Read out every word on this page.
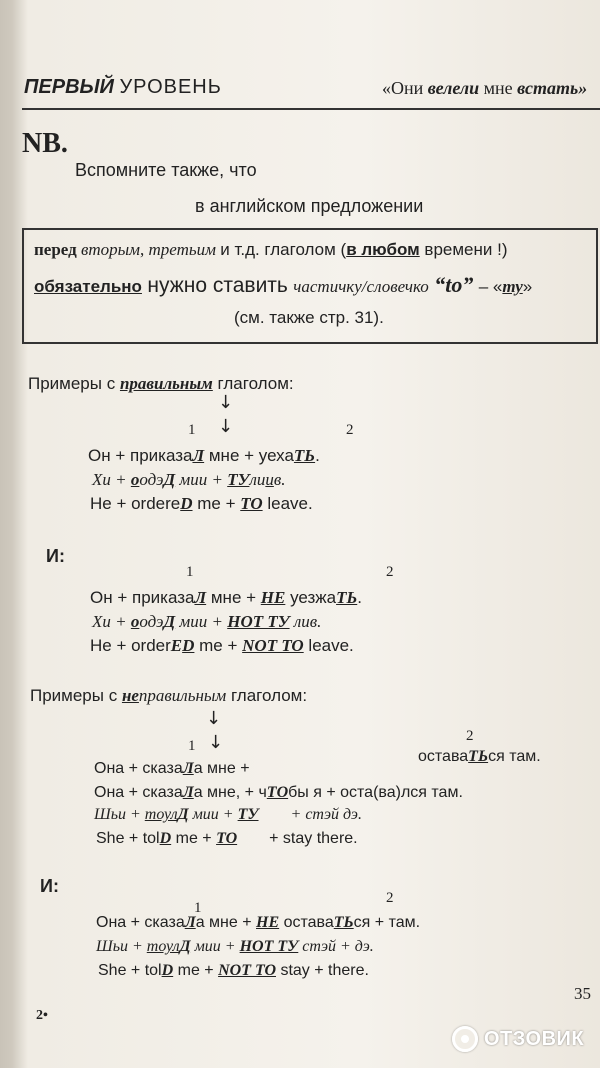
ПЕРВЫЙ УРОВЕНЬ	«Они велели мне встать»
NB.
Вспомните также, что
в английском предложении
перед вторым, третьим и т.д. глаголом (в любом времени !)
обязательно нужно ставить частичку/словечко “to” – «ту»
(см. также стр. 31).
Примеры с правильным глаголом:
↓
↓
1	2
Он + приказаЛ мне + уехаТЬ.
Хи + оодэД мии + ТУлиив.
He + ordereD me + TO leave.
И:
1	2
Он + приказаЛ мне + НЕ уезжаТЬ.
Хи + оодэД мии + НОТ ТУ лив.
He + orderED me + NOT TO leave.
Примеры с неправильным глаголом:
↓
↓
1
2
Она + сказаЛа мне +
оставаТЬся там.
Она + сказаЛа мне, + чТОбы я + оста(ва)лся там.
Шьи + тоулД мии + ТУ + стэй дэ.
She + tolD me + TO + stay there.
И:
1
2
Она + сказаЛа мне + НЕ оставаТЬся + там.
Шьи + тоулД мии + НОТ ТУ стэй + дэ.
She + tolD me + NOT TO stay + there.
2•
35
ОТЗОВИК
